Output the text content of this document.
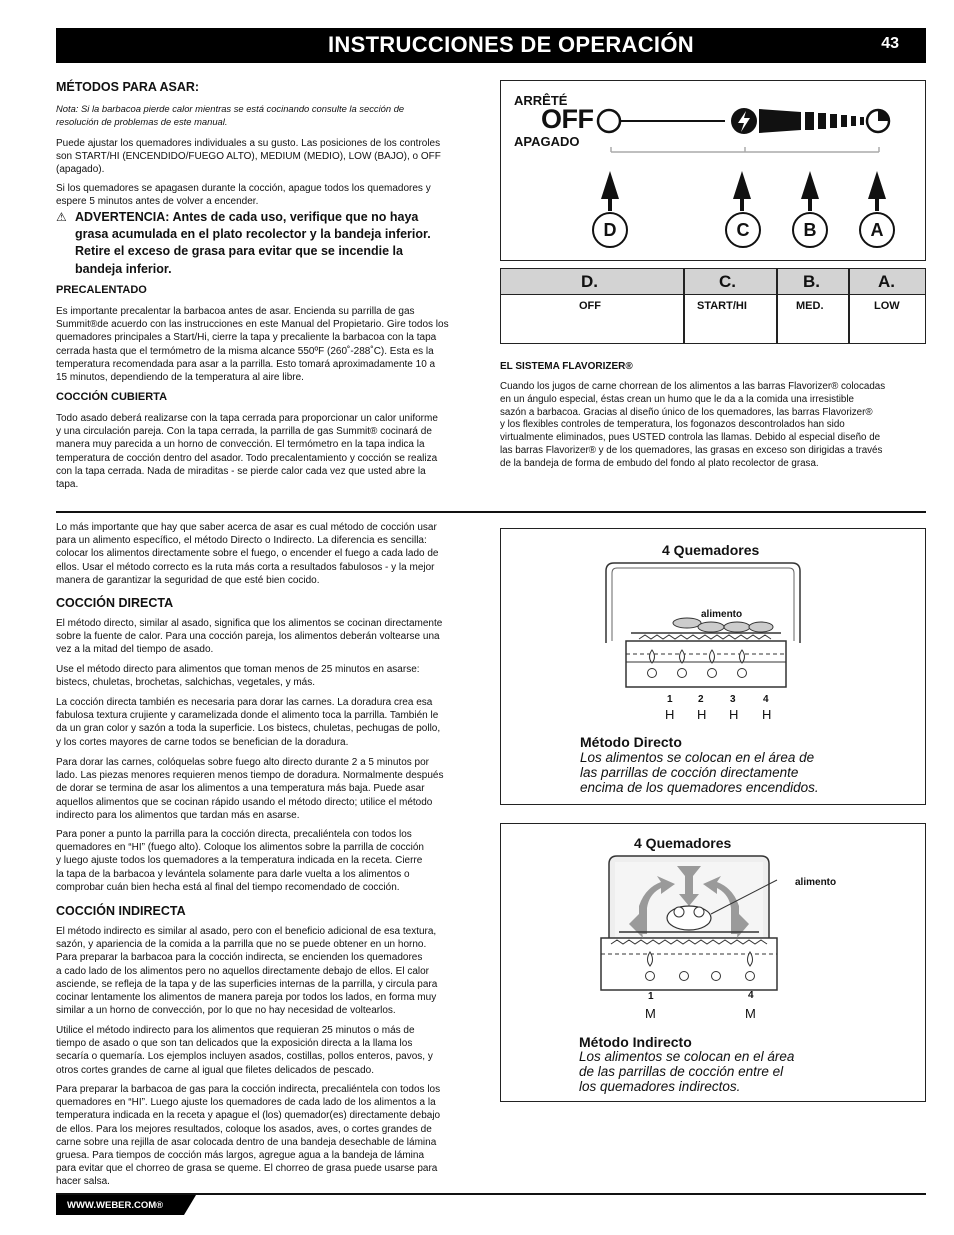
INSTRUCCIONES DE OPERACIÓN	43
MÉTODOS PARA ASAR:
Nota: Si la barbacoa pierde calor mientras se está cocinando consulte la sección de
resolución de problemas de este manual.
Puede ajustar los quemadores individuales a su gusto. Las posiciones de los controles
son START/HI (ENCENDIDO/FUEGO ALTO), MEDIUM (MEDIO), LOW (BAJO), o OFF
(apagado).
Si los quemadores se apagasen durante la cocción, apague todos los quemadores y
espere 5 minutos antes de volver a encender.
⚠ ADVERTENCIA: Antes de cada uso, verifique que no haya
grasa acumulada en el plato recolector y la bandeja inferior.
Retire el exceso de grasa para evitar que se incendie la
bandeja inferior.
PRECALENTADO
Es importante precalentar la barbacoa antes de asar. Encienda su parrilla de gas
Summit®de acuerdo con las instrucciones en este Manual del Propietario. Gire todos los
quemadores principales a Start/Hi, cierre la tapa y precaliente la barbacoa con la tapa
cerrada hasta que el termómetro de la misma alcance 550ºF (260˚-288˚C). Esta es la
temperatura recomendada para asar a la parrilla. Esto tomará aproximadamente 10 a
15 minutos, dependiendo de la temperatura al aire libre.
COCCIÓN CUBIERTA
Todo asado deberá realizarse con la tapa cerrada para proporcionar un calor uniforme
y una circulación pareja. Con la tapa cerrada, la parrilla de gas Summit® cocinará de
manera muy parecida a un horno de convección. El termómetro en la tapa indica la
temperatura de cocción dentro del asador. Todo precalentamiento y cocción se realiza
con la tapa cerrada. Nada de miraditas - se pierde calor cada vez que usted abre la
tapa.
ARRÊTÉ
OFF
APAGADO
D	C	B	A
D.	C.	B.	A.
OFF	START/HI	MED.	LOW
EL SISTEMA FLAVORIZER®
Cuando los jugos de carne chorrean de los alimentos a las barras Flavorizer® colocadas
en un ángulo especial, éstas crean un humo que le da a la comida una irresistible
sazón a barbacoa. Gracias al diseño único de los quemadores, las barras Flavorizer®
y los flexibles controles de temperatura, los fogonazos descontrolados han sido
virtualmente eliminados, pues USTED controla las llamas. Debido al especial diseño de
las barras Flavorizer® y de los quemadores, las grasas en exceso son dirigidas a través
de la bandeja de forma de embudo del fondo al plato recolector de grasa.
Lo más importante que hay que saber acerca de asar es cual método de cocción usar
para un alimento específico, el método Directo o Indirecto. La diferencia es sencilla:
colocar los alimentos directamente sobre el fuego, o encender el fuego a cada lado de
ellos. Usar el método correcto es la ruta más corta a resultados fabulosos - y la mejor
manera de garantizar la seguridad de que esté bien cocido.
COCCIÓN DIRECTA
El método directo, similar al asado, significa que los alimentos se cocinan directamente
sobre la fuente de calor. Para una cocción pareja, los alimentos deberán voltearse una
vez a la mitad del tiempo de asado.
Use el método directo para alimentos que toman menos de 25 minutos en asarse:
bistecs, chuletas, brochetas, salchichas, vegetales, y más.
La cocción directa también es necesaria para dorar las carnes. La doradura crea esa
fabulosa textura crujiente y caramelizada donde el alimento toca la parrilla. También le
da un gran color y sazón a toda la superficie. Los bistecs, chuletas, pechugas de pollo,
y los cortes mayores de carne todos se benefician de la doradura.
Para dorar las carnes, colóquelas sobre fuego alto directo durante 2 a 5 minutos por
lado. Las piezas menores requieren menos tiempo de doradura. Normalmente después
de dorar se termina de asar los alimentos a una temperatura más baja. Puede asar
aquellos alimentos que se cocinan rápido usando el método directo; utilice el método
indirecto para los alimentos que tardan más en asarse.
Para poner a punto la parrilla para la cocción directa, precaliéntela con todos los
quemadores en “HI” (fuego alto). Coloque los alimentos sobre la parrilla de cocción
y luego ajuste todos los quemadores a la temperatura indicada en la receta. Cierre
la tapa de la barbacoa y levántela solamente para darle vuelta a los alimentos o
comprobar cuán bien hecha está al final del tiempo recomendado de cocción.
COCCIÓN INDIRECTA
El método indirecto es similar al asado, pero con el beneficio adicional de esa textura,
sazón, y apariencia de la comida a la parrilla que no se puede obtener en un horno.
Para preparar la barbacoa para la cocción indirecta, se encienden los quemadores
a cado lado de los alimentos pero no aquellos directamente debajo de ellos. El calor
asciende, se refleja de la tapa y de las superficies internas de la parrilla, y circula para
cocinar lentamente los alimentos de manera pareja por todos los lados, en forma muy
similar a un horno de convección, por lo que no hay necesidad de voltearlos.
Utilice el método indirecto para los alimentos que requieran 25 minutos o más de
tiempo de asado o que son tan delicados que la exposición directa a la llama los
secaría o quemaría. Los ejemplos incluyen asados, costillas, pollos enteros, pavos, y
otros cortes grandes de carne al igual que filetes delicados de pescado.
Para preparar la barbacoa de gas para la cocción indirecta, precaliéntela con todos los
quemadores en “HI”. Luego ajuste los quemadores de cada lado de los alimentos a la
temperatura indicada en la receta y apague el (los) quemador(es) directamente debajo
de ellos. Para los mejores resultados, coloque los asados, aves, o cortes grandes de
carne sobre una rejilla de asar colocada dentro de una bandeja desechable de lámina
gruesa. Para tiempos de cocción más largos, agregue agua a la bandeja de lámina
para evitar que el chorreo de grasa se queme. El chorreo de grasa puede usarse para
hacer salsa.
4 Quemadores
alimento
1	2	3	4
H H H H
Método Directo
Los alimentos se colocan en el área de
las parrillas de cocción directamente
encima de los quemadores encendidos.
4 Quemadores
alimento
1	4
M	M
Método Indirecto
Los alimentos se colocan en el área
de las parrillas de cocción entre el
los quemadores indirectos.
WWW.WEBER.COM®
